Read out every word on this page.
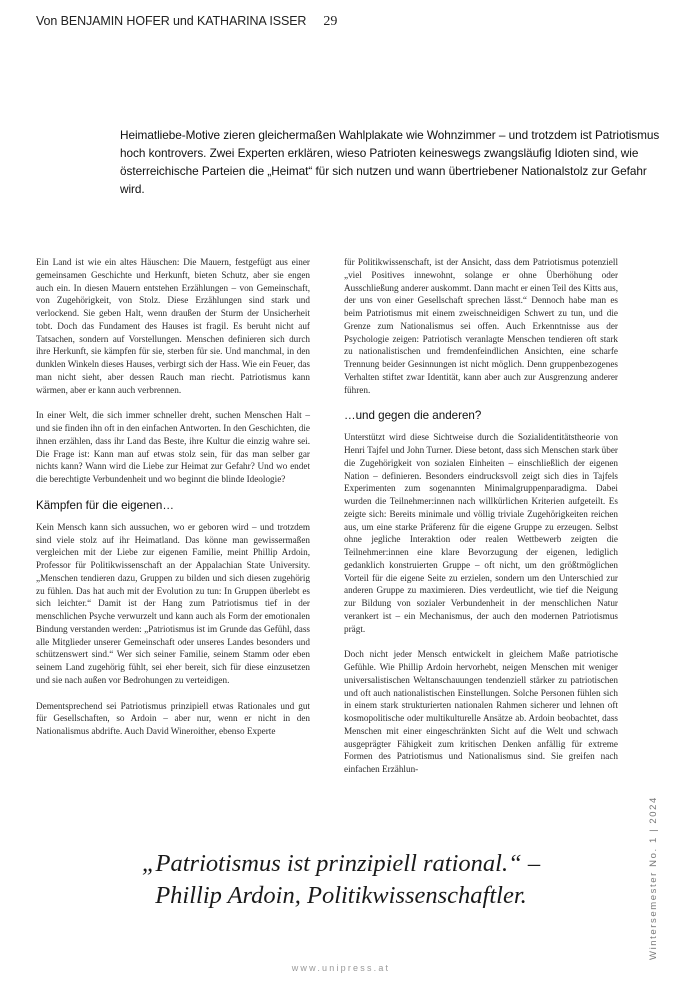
Von BENJAMIN HOFER und KATHARINA ISSER 29

Heimatliebe-Motive zieren gleichermaßen Wahlplakate wie Wohnzimmer – und trotzdem ist Patriotismus hoch kontrovers. Zwei Experten erklären, wieso Patrioten keineswegs zwangsläufig Idioten sind, wie österreichische Parteien die „Heimat“ für sich nutzen und wann übertriebener Nationalstolz zur Gefahr wird.

Ein Land ist wie ein altes Häuschen: Die Mauern, festgefügt aus einer gemeinsamen Geschichte und Herkunft, bieten Schutz, aber sie engen auch ein. In diesen Mauern entstehen Erzählungen – von Gemeinschaft, von Zugehörigkeit, von Stolz. Diese Erzählungen sind stark und verlockend. Sie geben Halt, wenn draußen der Sturm der Unsicherheit tobt. Doch das Fundament des Hauses ist fragil. Es beruht nicht auf Tatsachen, sondern auf Vorstellungen. Menschen definieren sich durch ihre Herkunft, sie kämpfen für sie, sterben für sie. Und manchmal, in den dunklen Winkeln dieses Hauses, verbirgt sich der Hass. Wie ein Feuer, das man nicht sieht, aber dessen Rauch man riecht. Patriotismus kann wärmen, aber er kann auch verbrennen.

In einer Welt, die sich immer schneller dreht, suchen Menschen Halt – und sie finden ihn oft in den einfachen Antworten. In den Geschichten, die ihnen erzählen, dass ihr Land das Beste, ihre Kultur die einzig wahre sei. Die Frage ist: Kann man auf etwas stolz sein, für das man selber gar nichts kann? Wann wird die Liebe zur Heimat zur Gefahr? Und wo endet die berechtigte Verbundenheit und wo beginnt die blinde Ideologie?

Kämpfen für die eigenen…

Kein Mensch kann sich aussuchen, wo er geboren wird – und trotzdem sind viele stolz auf ihr Heimatland. Das könne man gewissermaßen vergleichen mit der Liebe zur eigenen Familie, meint Phillip Ardoin, Professor für Politikwissenschaft an der Appalachian State University. „Menschen tendieren dazu, Gruppen zu bilden und sich diesen zugehörig zu fühlen. Das hat auch mit der Evolution zu tun: In Gruppen überlebt es sich leichter.“ Damit ist der Hang zum Patriotismus tief in der menschlichen Psyche verwurzelt und kann auch als Form der emotionalen Bindung verstanden werden: „Patriotismus ist im Grunde das Gefühl, dass alle Mitglieder unserer Gemeinschaft oder unseres Landes besonders und schützenswert sind.“ Wer sich seiner Familie, seinem Stamm oder eben seinem Land zugehörig fühlt, sei eher bereit, sich für diese einzusetzen und sie nach außen vor Bedrohungen zu verteidigen.

Dementsprechend sei Patriotismus prinzipiell etwas Rationales und gut für Gesellschaften, so Ardoin – aber nur, wenn er nicht in den Nationalismus abdrifte. Auch David Wineroither, ebenso Experte

für Politikwissenschaft, ist der Ansicht, dass dem Patriotismus potenziell „viel Positives innewohnt, solange er ohne Überhöhung oder Ausschließung anderer auskommt. Dann macht er einen Teil des Kitts aus, der uns von einer Gesellschaft sprechen lässt.“ Dennoch habe man es beim Patriotismus mit einem zweischneidigen Schwert zu tun, und die Grenze zum Nationalismus sei offen. Auch Erkenntnisse aus der Psychologie zeigen: Patriotisch veranlagte Menschen tendieren oft stark zu nationalistischen und fremdenfeindlichen Ansichten, eine scharfe Trennung beider Gesinnungen ist nicht möglich. Denn gruppenbezogenes Verhalten stiftet zwar Identität, kann aber auch zur Ausgrenzung anderer führen.

…und gegen die anderen?

Unterstützt wird diese Sichtweise durch die Sozialidentitätstheorie von Henri Tajfel und John Turner. Diese betont, dass sich Menschen stark über die Zugehörigkeit von sozialen Einheiten – einschließlich der eigenen Nation – definieren. Besonders eindrucksvoll zeigt sich dies in Tajfels Experimenten zum sogenannten Minimalgruppenparadigma. Dabei wurden die Teilnehmer:innen nach willkürlichen Kriterien aufgeteilt. Es zeigte sich: Bereits minimale und völlig triviale Zugehörigkeiten reichen aus, um eine starke Präferenz für die eigene Gruppe zu erzeugen. Selbst ohne jegliche Interaktion oder realen Wettbewerb zeigten die Teilnehmer:innen eine klare Bevorzugung der eigenen, lediglich gedanklich konstruierten Gruppe – oft nicht, um den größtmöglichen Vorteil für die eigene Seite zu erzielen, sondern um den Unterschied zur anderen Gruppe zu maximieren. Dies verdeutlicht, wie tief die Neigung zur Bildung von sozialer Verbundenheit in der menschlichen Natur verankert ist – ein Mechanismus, der auch den modernen Patriotismus prägt.

Doch nicht jeder Mensch entwickelt in gleichem Maße patriotische Gefühle. Wie Phillip Ardoin hervorhebt, neigen Menschen mit weniger universalistischen Weltanschauungen tendenziell stärker zu patriotischen und oft auch nationalistischen Einstellungen. Solche Personen fühlen sich in einem stark strukturierten nationalen Rahmen sicherer und lehnen oft kosmopolitische oder multikulturelle Ansätze ab. Ardoin beobachtet, dass Menschen mit einer eingeschränkten Sicht auf die Welt und schwach ausgeprägter Fähigkeit zum kritischen Denken anfällig für extreme Formen des Patriotismus und Nationalismus sind. Sie greifen nach einfachen Erzählun-

„Patriotismus ist prinzipiell rational.“ –
Phillip Ardoin, Politikwissenschaftler.	Wintersemester No. 1 | 2024
www.unipress.at
